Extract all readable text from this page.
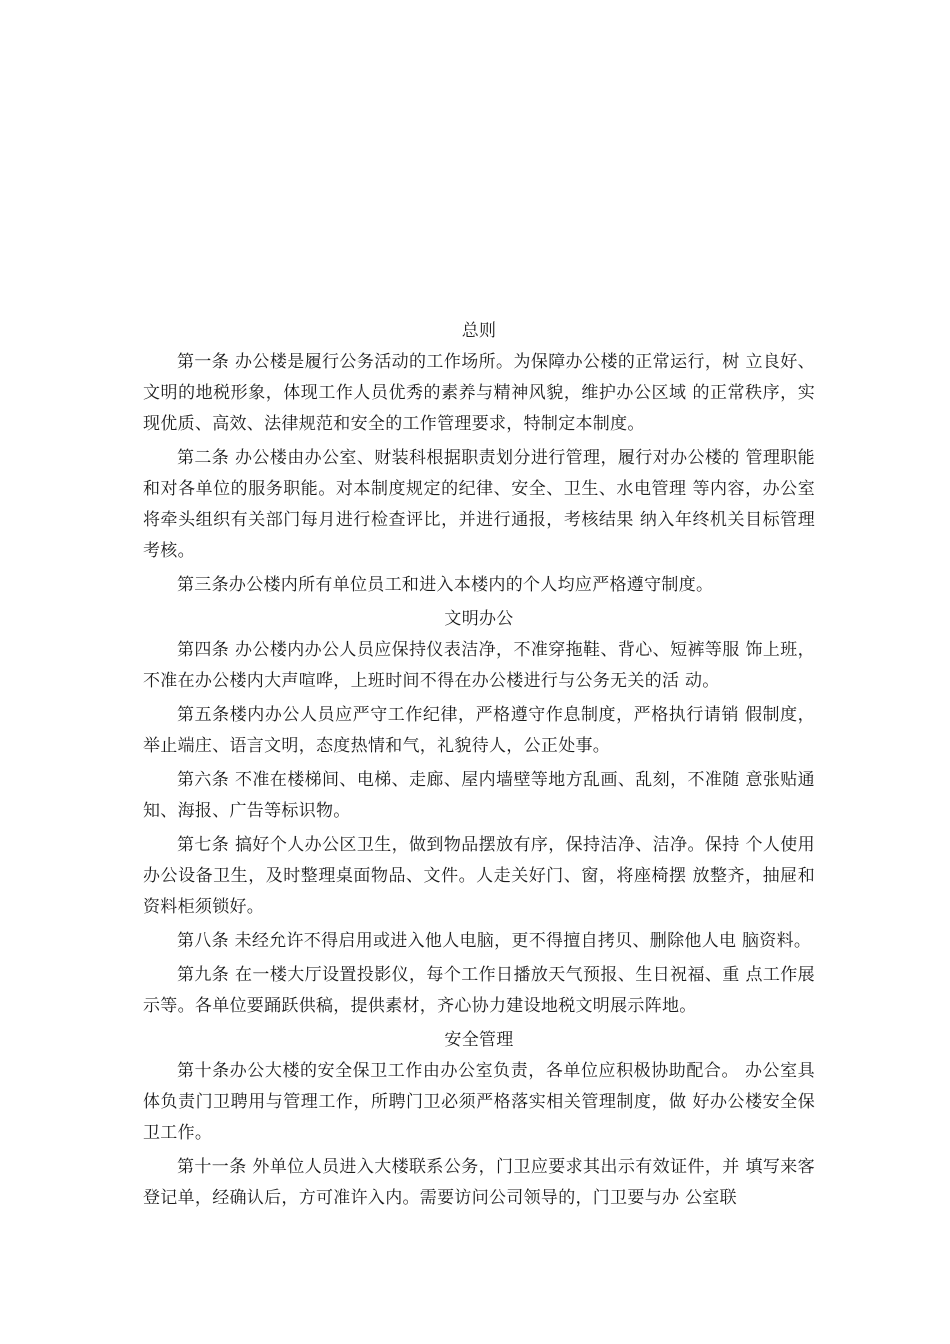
总则

第一条 办公楼是履行公务活动的工作场所。为保障办公楼的正常运行，树 立良好、文明的地税形象，体现工作人员优秀的素养与精神风貌，维护办公区域 的正常秩序，实现优质、高效、法律规范和安全的工作管理要求，特制定本制度。

第二条 办公楼由办公室、财装科根据职责划分进行管理，履行对办公楼的 管理职能和对各单位的服务职能。对本制度规定的纪律、安全、卫生、水电管理 等内容，办公室将牵头组织有关部门每月进行检查评比，并进行通报，考核结果 纳入年终机关目标管理考核。

第三条办公楼内所有单位员工和进入本楼内的个人均应严格遵守制度。

文明办公

第四条 办公楼内办公人员应保持仪表洁净，不准穿拖鞋、背心、短裤等服 饰上班，不准在办公楼内大声喧哗，上班时间不得在办公楼进行与公务无关的活 动。

第五条楼内办公人员应严守工作纪律，严格遵守作息制度，严格执行请销 假制度，举止端庄、语言文明，态度热情和气，礼貌待人，公正处事。

第六条 不准在楼梯间、电梯、走廊、屋内墙壁等地方乱画、乱刻，不准随 意张贴通知、海报、广告等标识物。

第七条 搞好个人办公区卫生，做到物品摆放有序，保持洁净、洁净。保持 个人使用办公设备卫生，及时整理桌面物品、文件。人走关好门、窗，将座椅摆 放整齐，抽屉和资料柜须锁好。

第八条 未经允许不得启用或进入他人电脑，更不得擅自拷贝、删除他人电 脑资料。

第九条 在一楼大厅设置投影仪，每个工作日播放天气预报、生日祝福、重 点工作展示等。各单位要踊跃供稿，提供素材，齐心协力建设地税文明展示阵地。

安全管理

第十条办公大楼的安全保卫工作由办公室负责，各单位应积极协助配合。 办公室具体负责门卫聘用与管理工作，所聘门卫必须严格落实相关管理制度，做 好办公楼安全保卫工作。

第十一条 外单位人员进入大楼联系公务，门卫应要求其出示有效证件，并 填写来客登记单，经确认后，方可准许入内。需要访问公司领导的，门卫要与办 公室联
